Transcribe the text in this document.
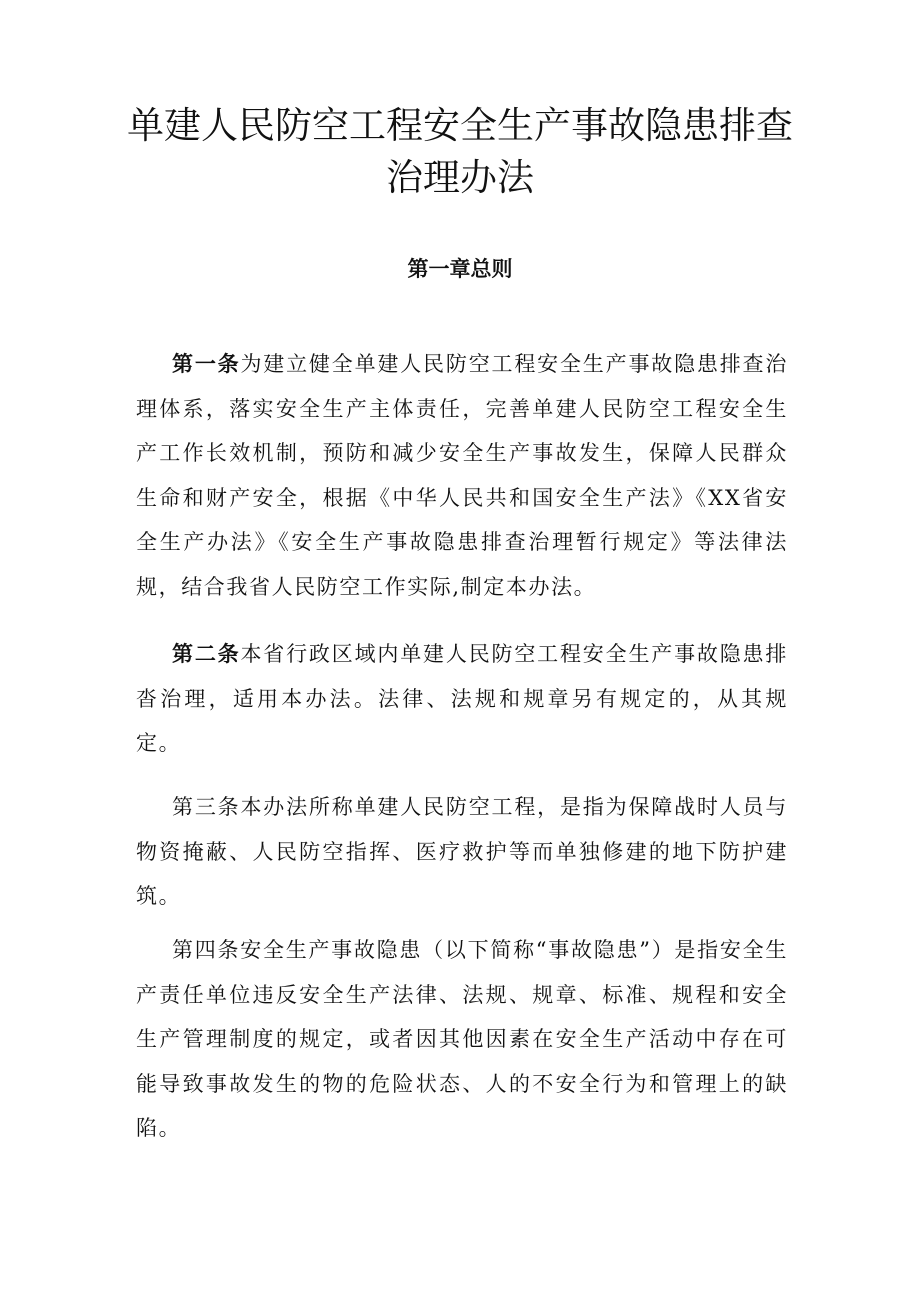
单建人民防空工程安全生产事故隐患排查
治理办法
第一章总则

第一条为建立健全单建人民防空工程安全生产事故隐患排查治理体系，落实安全生产主体责任，完善单建人民防空工程安全生产工作长效机制，预防和减少安全生产事故发生，保障人民群众生命和财产安全，根据《中华人民共和国安全生产法》《XX省安全生产办法》《安全生产事故隐患排查治理暂行规定》等法律法规，结合我省人民防空工作实际,制定本办法。

第二条本省行政区域内单建人民防空工程安全生产事故隐患排沓治理，适用本办法。法律、法规和规章另有规定的，从其规定。

第三条本办法所称单建人民防空工程，是指为保障战时人员与物资掩蔽、人民防空指挥、医疗救护等而单独修建的地下防护建筑。

第四条安全生产事故隐患（以下简称“事故隐患”）是指安全生产责任单位违反安全生产法律、法规、规章、标准、规程和安全生产管理制度的规定，或者因其他因素在安全生产活动中存在可能导致事故发生的物的危险状态、人的不安全行为和管理上的缺陷。
